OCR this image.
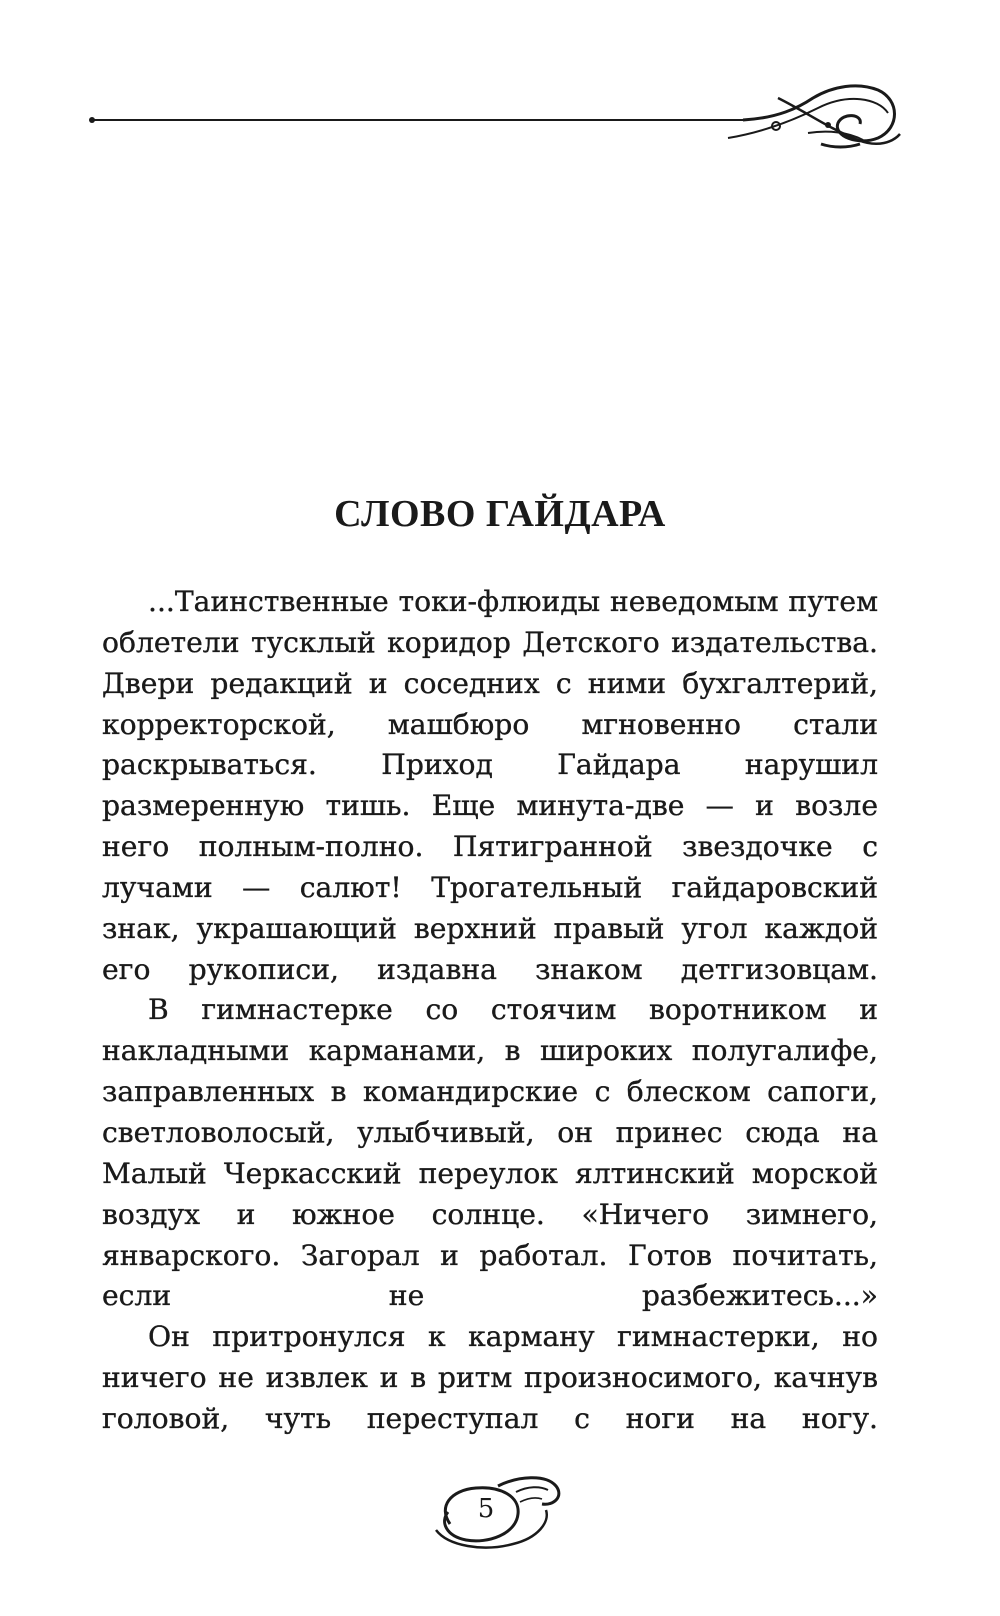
СЛОВО ГАЙДАРА

...Таинственные токи-флюиды неведомым путем облетели тусклый коридор Детского издательства. Двери редакций и соседних с ними бухгалтерий, корректорской, машбюро мгновенно стали раскрываться. Приход Гайдара нарушил размеренную тишь. Еще минута-две — и возле него полным-полно. Пятигранной звездочке с лучами — салют! Трогательный гайдаровский знак, украшающий верхний правый угол каждой его рукописи, издавна знаком детгизовцам.

В гимнастерке со стоячим воротником и накладными карманами, в широких полугалифе, заправленных в командирские с блеском сапоги, светловолосый, улыбчивый, он принес сюда на Малый Черкасский переулок ялтинский морской воздух и южное солнце. «Ничего зимнего, январского. Загорал и работал. Готов почитать, если не разбежитесь...»

Он притронулся к карману гимнастерки, но ничего не извлек и в ритм произносимого, качнув головой, чуть переступал с ноги на ногу.

5
